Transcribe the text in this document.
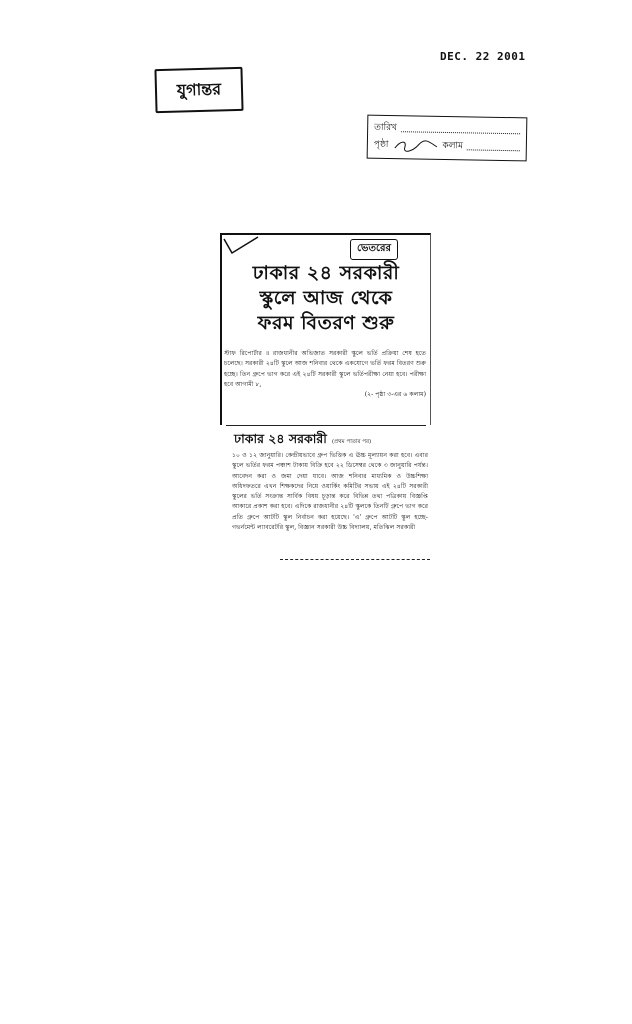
DEC. 22 2001
যুগান্তর
তারিখ
পৃষ্ঠা	কলাম
ভেতরের
ঢাকার ২৪ সরকারী
স্কুলে আজ থেকে
ফরম বিতরণ শুরু
স্টাফ রিপোর্টার ॥ রাজধানীর অভিজাত সরকারী স্কুলে ভর্তি প্রক্রিয়া শেষ হতে চলেছে। সরকারী ২৪টি স্কুলে আজ শনিবার থেকে একযোগে ভর্তি ফরম বিতরণ শুরু হচ্ছে। তিন গ্রুপে ভাগ করে এই ২৪টি সরকারী স্কুলে ভর্তিপরীক্ষা নেয়া হবে। পরীক্ষা হবে আগামী ৮,
(২- পৃষ্ঠা ৩-এর ৬ কলাম)
ঢাকার ২৪ সরকারী (প্রথম পাতার পর)
১০ ও ১২ জানুয়ারি। কেন্দ্রীয়ভাবে গ্রুপ ভিত্তিক এ ঊচ্চ মূল্যায়ন করা হবে। এবার স্কুলে ভর্তির ফরম পঞ্চাশ টাকায় বিক্রি হবে ২২ ডিসেম্বর থেকে ৩ জানুয়ারি পর্যন্ত। আবেদন করা ও জমা দেয়া যাবে। আজ শনিবার মাধ্যমিক ও উচ্চশিক্ষা অধিদফতরে এখন শিক্ষকদের নিয়ে ওয়ার্কিং কমিটির সভায় এই ২৪টি সরকারী স্কুলের ভর্তি সংক্রান্ত সার্বিক বিষয় চূড়ান্ত করে বিভিন্ন তথ্য পত্রিকায় বিজ্ঞপ্তি আকারে প্রকাশ করা হবে। এদিকে রাজধানীর ২৪টি স্কুলকে তিনটি গ্রুপে ভাগ করে প্রতি গ্রুপে আটটি স্কুল নির্বাচন করা হয়েছে। 'এ' গ্রুপে আটটি স্কুল হচ্ছে- গভর্নমেন্ট ল্যাবরেটরি স্কুল, বিজ্ঞান সরকারী উচ্চ বিদ্যালয়, মতিঝিল সরকারী
